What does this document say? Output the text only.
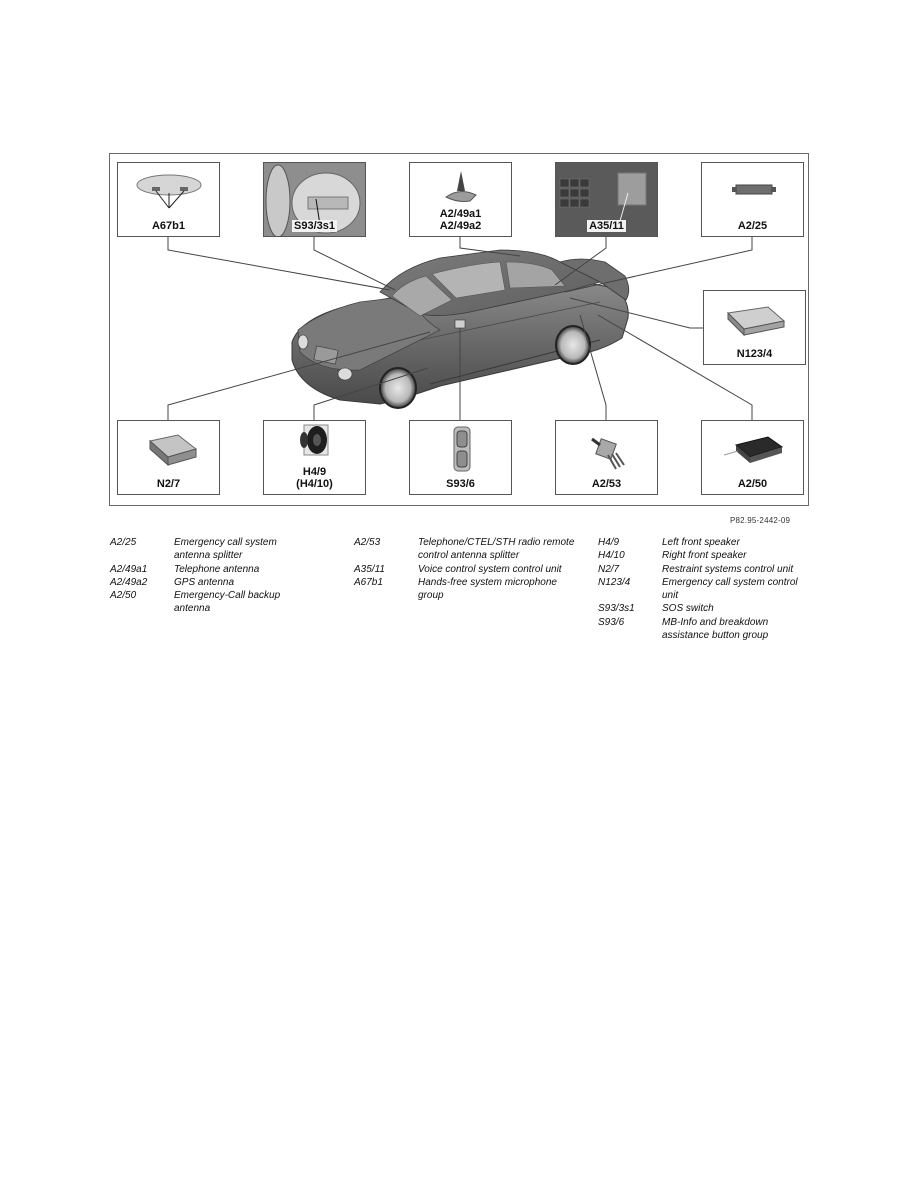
A67b1	S93/3s1
A2/49a1
A2/49a2	A35/11	A2/25
N123/4
N2/7
H4/9
(H4/10)	S93/6	A2/53	A2/50
P82.95-2442-09
A2/25	Emergency call system antenna splitter
A2/49a1	Telephone antenna
A2/49a2	GPS antenna
A2/50	Emergency-Call backup antenna
A2/53	Telephone/CTEL/STH radio remote control antenna splitter
A35/11	Voice control system control unit
A67b1	Hands-free system microphone group
H4/9	Left front speaker
H4/10	Right front speaker
N2/7	Restraint systems control unit
N123/4	Emergency call system control unit
S93/3s1	SOS switch
S93/6	MB-Info and breakdown assistance button group
